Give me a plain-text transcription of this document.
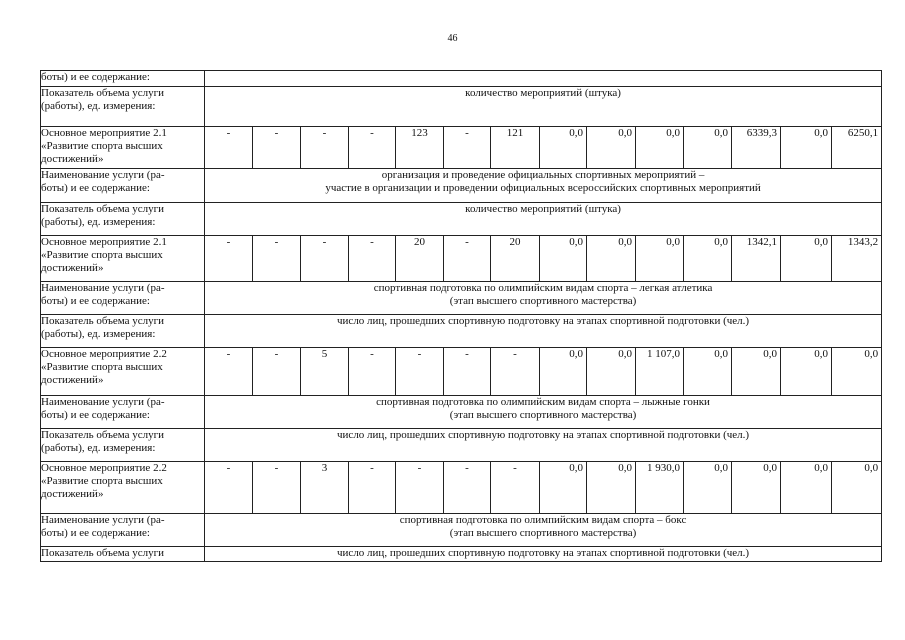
46
боты) и ее содержание:														

Показатель объема услуги
(работы), ед. измерения:	количество мероприятий (штука)													

Основное мероприятие 2.1
«Развитие спорта высших
достижений»	-	-	-	-	123	-	121	0,0	0,0	0,0	0,0	6339,3	0,0	6250,1

Наименование услуги (ра-
боты) и ее содержание:	организация и проведение официальных спортивных мероприятий –
участие в организации и проведении официальных всероссийских спортивных мероприятий													

Показатель объема услуги
(работы), ед. измерения:	количество мероприятий (штука)													

Основное мероприятие 2.1
«Развитие спорта высших
достижений»	-	-	-	-	20	-	20	0,0	0,0	0,0	0,0	1342,1	0,0	1343,2

Наименование услуги (ра-
боты) и ее содержание:	спортивная подготовка по олимпийским видам спорта – легкая атлетика
(этап высшего спортивного мастерства)													

Показатель объема услуги
(работы), ед. измерения:	число лиц, прошедших спортивную подготовку на этапах спортивной подготовки (чел.)													

Основное мероприятие 2.2
«Развитие спорта высших
достижений»	-	-	5	-	-	-	-	0,0	0,0	1 107,0	0,0	0,0	0,0	0,0

Наименование услуги (ра-
боты) и ее содержание:	спортивная подготовка по олимпийским видам спорта – лыжные гонки
(этап высшего спортивного мастерства)													

Показатель объема услуги
(работы), ед. измерения:	число лиц, прошедших спортивную подготовку на этапах спортивной подготовки (чел.)													

Основное мероприятие 2.2
«Развитие спорта высших
достижений»	-	-	3	-	-	-	-	0,0	0,0	1 930,0	0,0	0,0	0,0	0,0

Наименование услуги (ра-
боты) и ее содержание:	спортивная подготовка по олимпийским видам спорта – бокс
(этап высшего спортивного мастерства)													

Показатель объема услуги	число лиц, прошедших спортивную подготовку на этапах спортивной подготовки (чел.)													
